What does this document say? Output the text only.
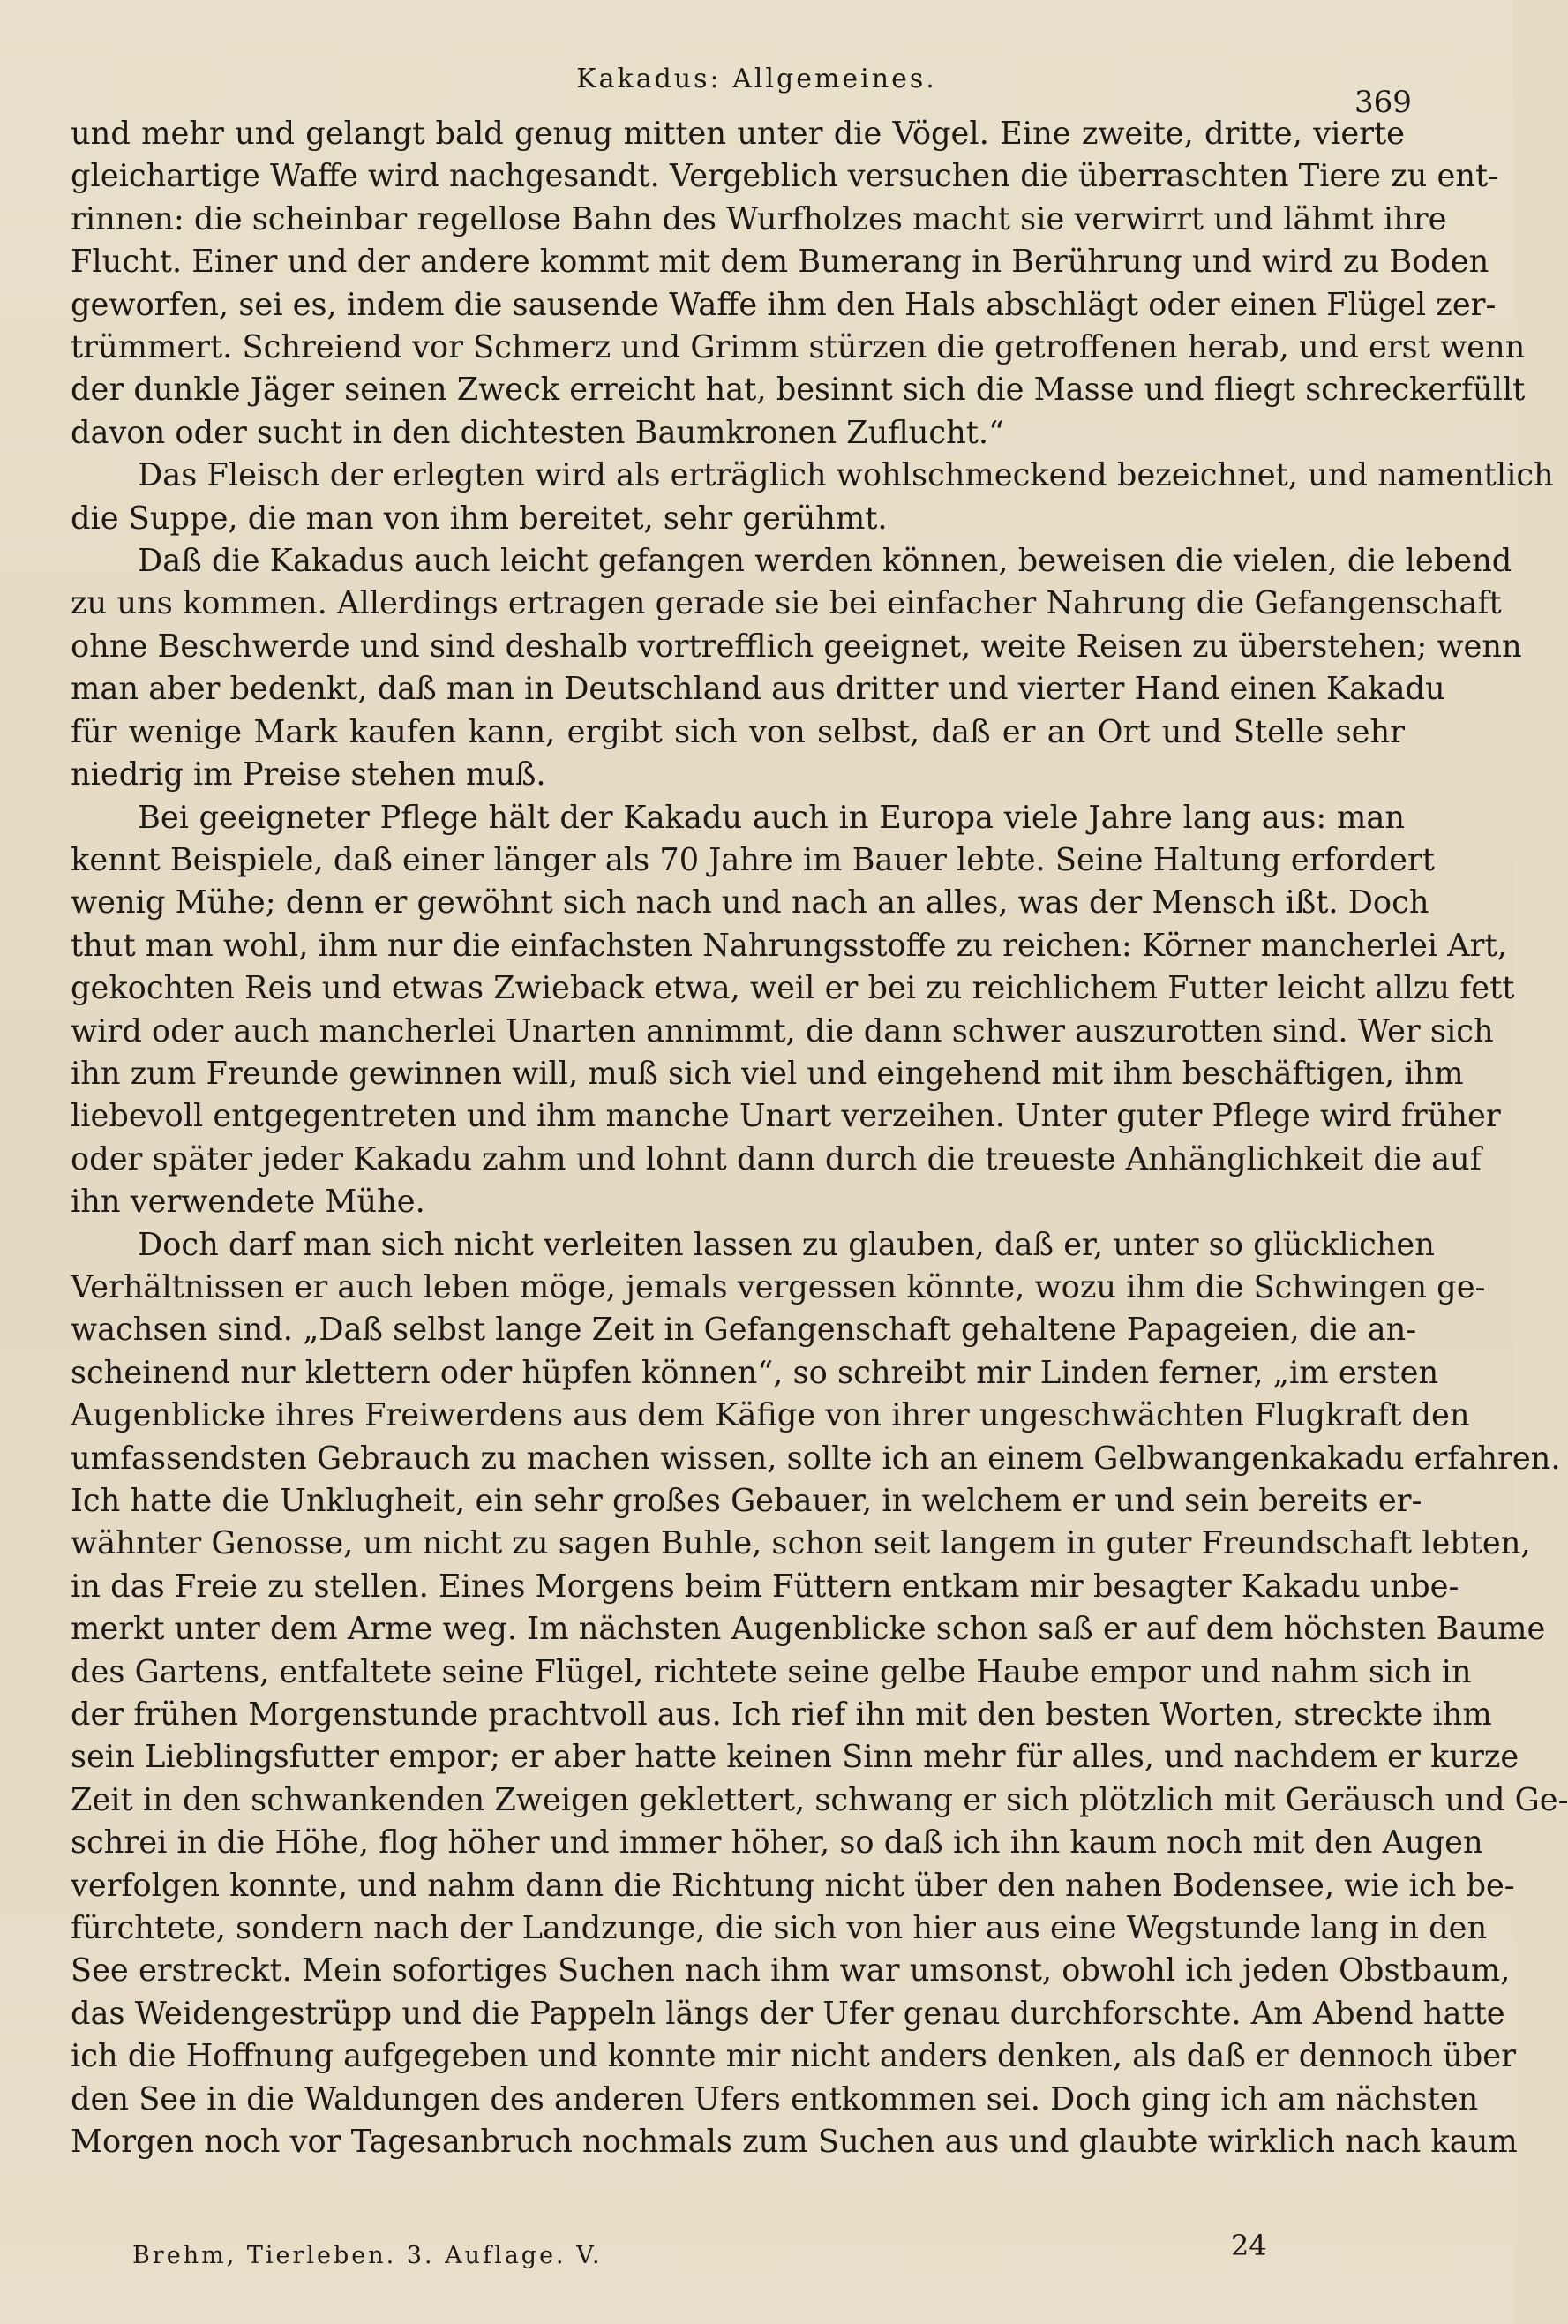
Kakadus: Allgemeines.
369
und mehr und gelangt bald genug mitten unter die Vögel. Eine zweite, dritte, vierte
gleichartige Waffe wird nachgesandt. Vergeblich versuchen die überraschten Tiere zu ent-
rinnen: die scheinbar regellose Bahn des Wurfholzes macht sie verwirrt und lähmt ihre
Flucht. Einer und der andere kommt mit dem Bumerang in Berührung und wird zu Boden
geworfen, sei es, indem die sausende Waffe ihm den Hals abschlägt oder einen Flügel zer-
trümmert. Schreiend vor Schmerz und Grimm stürzen die getroffenen herab, und erst wenn
der dunkle Jäger seinen Zweck erreicht hat, besinnt sich die Masse und fliegt schreckerfüllt
davon oder sucht in den dichtesten Baumkronen Zuflucht.“
Das Fleisch der erlegten wird als erträglich wohlschmeckend bezeichnet, und namentlich
die Suppe, die man von ihm bereitet, sehr gerühmt.
Daß die Kakadus auch leicht gefangen werden können, beweisen die vielen, die lebend
zu uns kommen. Allerdings ertragen gerade sie bei einfacher Nahrung die Gefangenschaft
ohne Beschwerde und sind deshalb vortrefflich geeignet, weite Reisen zu überstehen; wenn
man aber bedenkt, daß man in Deutschland aus dritter und vierter Hand einen Kakadu
für wenige Mark kaufen kann, ergibt sich von selbst, daß er an Ort und Stelle sehr
niedrig im Preise stehen muß.
Bei geeigneter Pflege hält der Kakadu auch in Europa viele Jahre lang aus: man
kennt Beispiele, daß einer länger als 70 Jahre im Bauer lebte. Seine Haltung erfordert
wenig Mühe; denn er gewöhnt sich nach und nach an alles, was der Mensch ißt. Doch
thut man wohl, ihm nur die einfachsten Nahrungsstoffe zu reichen: Körner mancherlei Art,
gekochten Reis und etwas Zwieback etwa, weil er bei zu reichlichem Futter leicht allzu fett
wird oder auch mancherlei Unarten annimmt, die dann schwer auszurotten sind. Wer sich
ihn zum Freunde gewinnen will, muß sich viel und eingehend mit ihm beschäftigen, ihm
liebevoll entgegentreten und ihm manche Unart verzeihen. Unter guter Pflege wird früher
oder später jeder Kakadu zahm und lohnt dann durch die treueste Anhänglichkeit die auf
ihn verwendete Mühe.
Doch darf man sich nicht verleiten lassen zu glauben, daß er, unter so glücklichen
Verhältnissen er auch leben möge, jemals vergessen könnte, wozu ihm die Schwingen ge-
wachsen sind. „Daß selbst lange Zeit in Gefangenschaft gehaltene Papageien, die an-
scheinend nur klettern oder hüpfen können“, so schreibt mir Linden ferner, „im ersten
Augenblicke ihres Freiwerdens aus dem Käfige von ihrer ungeschwächten Flugkraft den
umfassendsten Gebrauch zu machen wissen, sollte ich an einem Gelbwangenkakadu erfahren.
Ich hatte die Unklugheit, ein sehr großes Gebauer, in welchem er und sein bereits er-
wähnter Genosse, um nicht zu sagen Buhle, schon seit langem in guter Freundschaft lebten,
in das Freie zu stellen. Eines Morgens beim Füttern entkam mir besagter Kakadu unbe-
merkt unter dem Arme weg. Im nächsten Augenblicke schon saß er auf dem höchsten Baume
des Gartens, entfaltete seine Flügel, richtete seine gelbe Haube empor und nahm sich in
der frühen Morgenstunde prachtvoll aus. Ich rief ihn mit den besten Worten, streckte ihm
sein Lieblingsfutter empor; er aber hatte keinen Sinn mehr für alles, und nachdem er kurze
Zeit in den schwankenden Zweigen geklettert, schwang er sich plötzlich mit Geräusch und Ge-
schrei in die Höhe, flog höher und immer höher, so daß ich ihn kaum noch mit den Augen
verfolgen konnte, und nahm dann die Richtung nicht über den nahen Bodensee, wie ich be-
fürchtete, sondern nach der Landzunge, die sich von hier aus eine Wegstunde lang in den
See erstreckt. Mein sofortiges Suchen nach ihm war umsonst, obwohl ich jeden Obstbaum,
das Weidengestrüpp und die Pappeln längs der Ufer genau durchforschte. Am Abend hatte
ich die Hoffnung aufgegeben und konnte mir nicht anders denken, als daß er dennoch über
den See in die Waldungen des anderen Ufers entkommen sei. Doch ging ich am nächsten
Morgen noch vor Tagesanbruch nochmals zum Suchen aus und glaubte wirklich nach kaum
Brehm, Tierleben. 3. Auflage. V.	24
